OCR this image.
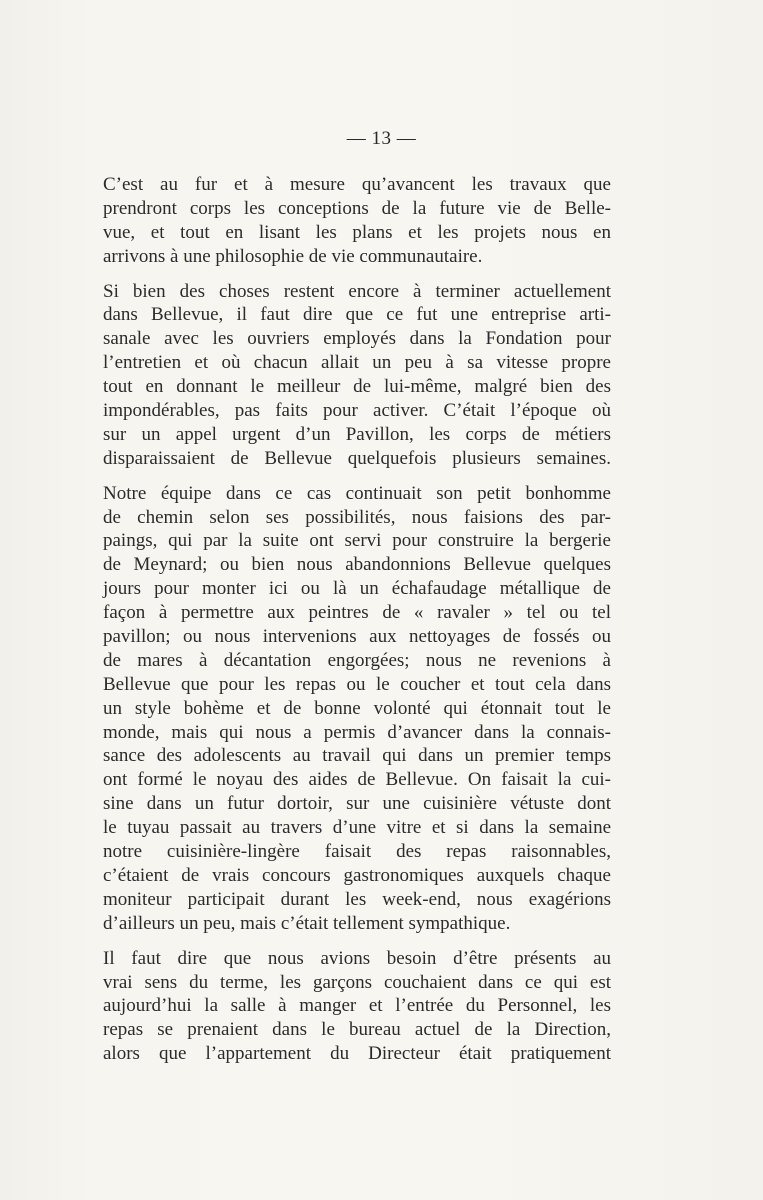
— 13 —
C’est au fur et à mesure qu’avancent les travaux que
prendront corps les conceptions de la future vie de Belle-
vue, et tout en lisant les plans et les projets nous en
arrivons à une philosophie de vie communautaire.
Si bien des choses restent encore à terminer actuellement
dans Bellevue, il faut dire que ce fut une entreprise arti-
sanale avec les ouvriers employés dans la Fondation pour
l’entretien et où chacun allait un peu à sa vitesse propre
tout en donnant le meilleur de lui-même, malgré bien des
impondérables, pas faits pour activer. C’était l’époque où
sur un appel urgent d’un Pavillon, les corps de métiers
disparaissaient de Bellevue quelquefois plusieurs semaines.
Notre équipe dans ce cas continuait son petit bonhomme
de chemin selon ses possibilités, nous faisions des par-
paings, qui par la suite ont servi pour construire la bergerie
de Meynard; ou bien nous abandonnions Bellevue quelques
jours pour monter ici ou là un échafaudage métallique de
façon à permettre aux peintres de « ravaler » tel ou tel
pavillon; ou nous intervenions aux nettoyages de fossés ou
de mares à décantation engorgées; nous ne revenions à
Bellevue que pour les repas ou le coucher et tout cela dans
un style bohème et de bonne volonté qui étonnait tout le
monde, mais qui nous a permis d’avancer dans la connais-
sance des adolescents au travail qui dans un premier temps
ont formé le noyau des aides de Bellevue. On faisait la cui-
sine dans un futur dortoir, sur une cuisinière vétuste dont
le tuyau passait au travers d’une vitre et si dans la semaine
notre cuisinière-lingère faisait des repas raisonnables,
c’étaient de vrais concours gastronomiques auxquels chaque
moniteur participait durant les week-end, nous exagérions
d’ailleurs un peu, mais c’était tellement sympathique.
Il faut dire que nous avions besoin d’être présents au
vrai sens du terme, les garçons couchaient dans ce qui est
aujourd’hui la salle à manger et l’entrée du Personnel, les
repas se prenaient dans le bureau actuel de la Direction,
alors que l’appartement du Directeur était pratiquement
